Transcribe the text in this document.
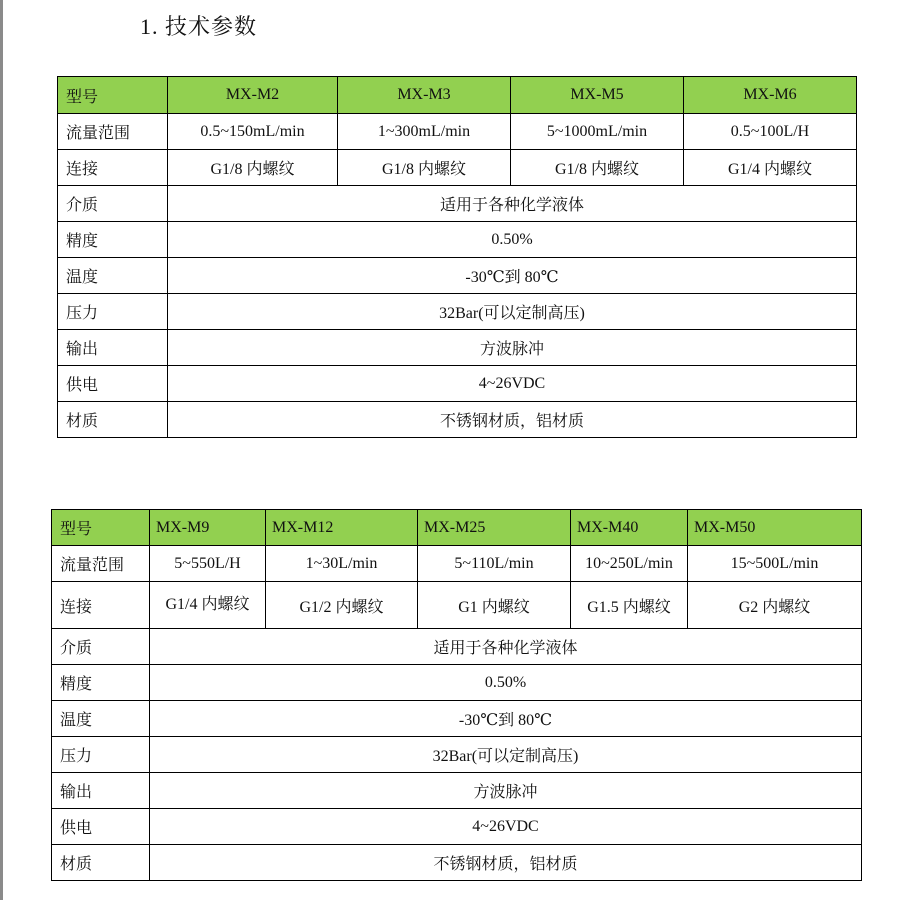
1. 技术参数
型号	MX-M2	MX-M3	MX-M5	MX-M6
流量范围	0.5~150mL/min	1~300mL/min	5~1000mL/min	0.5~100L/H
连接	G1/8 内螺纹	G1/8 内螺纹	G1/8 内螺纹	G1/4 内螺纹
介质	适用于各种化学液体			
精度	0.50%			
温度	-30℃到 80℃			
压力	32Bar(可以定制高压)			
输出	方波脉冲			
供电	4~26VDC			
材质	不锈钢材质，铝材质			
型号	MX-M9	MX-M12	MX-M25	MX-M40	MX-M50
流量范围	5~550L/H	1~30L/min	5~110L/min	10~250L/min	15~500L/min
连接	G1/4 内螺纹	G1/2 内螺纹	G1 内螺纹	G1.5 内螺纹	G2 内螺纹
介质	适用于各种化学液体				
精度	0.50%				
温度	-30℃到 80℃				
压力	32Bar(可以定制高压)				
输出	方波脉冲				
供电	4~26VDC				
材质	不锈钢材质，铝材质				
